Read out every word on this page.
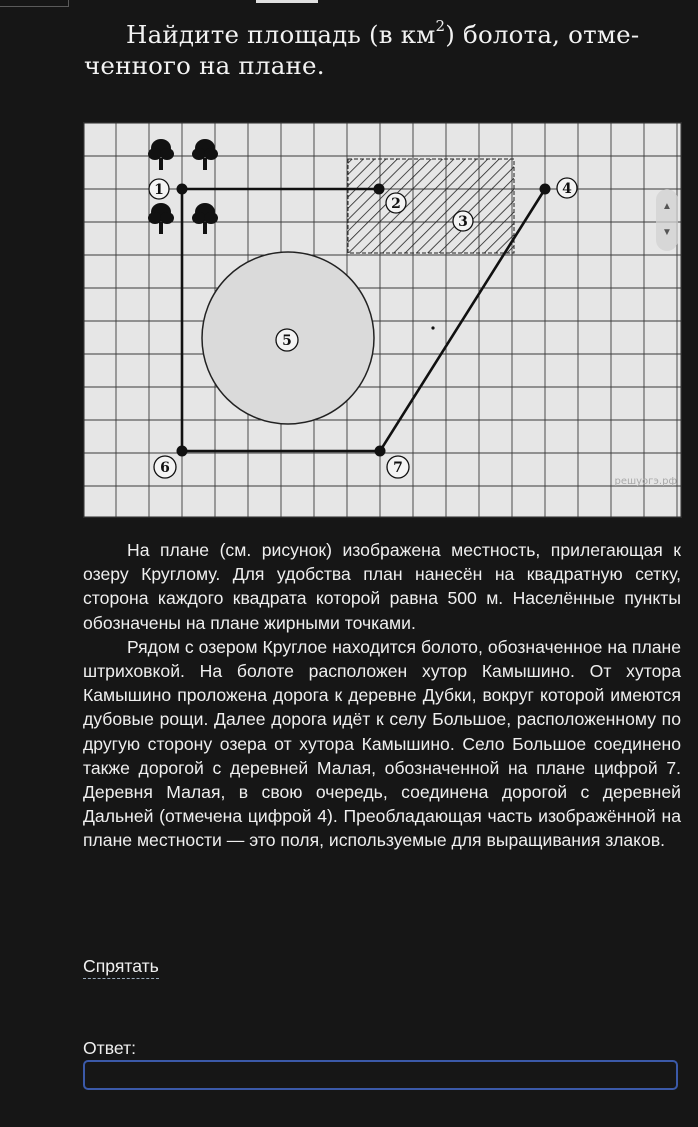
Найдите площадь (в $км^2$) болота, отме-
ченного на плане.
1
2
3
4
5
6	7
решуогэ.рф
▲
▼

На плане (см. рисунок) изображена местность, прилегающая к озеру Круглому. Для удобства план нанесён на квадратную сетку, сторона каждого квадрата которой равна 500 м. Населённые пункты обозначены на плане жирными точками.

Рядом с озером Круглое находится болото, обозначенное на плане штриховкой. На болоте расположен хутор Камышино. От хутора Камышино проложена дорога к деревне Дубки, вокруг которой имеются дубовые рощи. Далее дорога идёт к селу Большое, расположенному по другую сторону озера от хутора Камышино. Село Большое соединено также дорогой с деревней Малая, обозначенной на плане цифрой 7. Деревня Малая, в свою очередь, соединена дорогой с деревней Дальней (отмечена цифрой 4). Преобладающая часть изображённой на плане местности — это поля, используемые для выращивания злаков.

Спрятать
Ответ:
